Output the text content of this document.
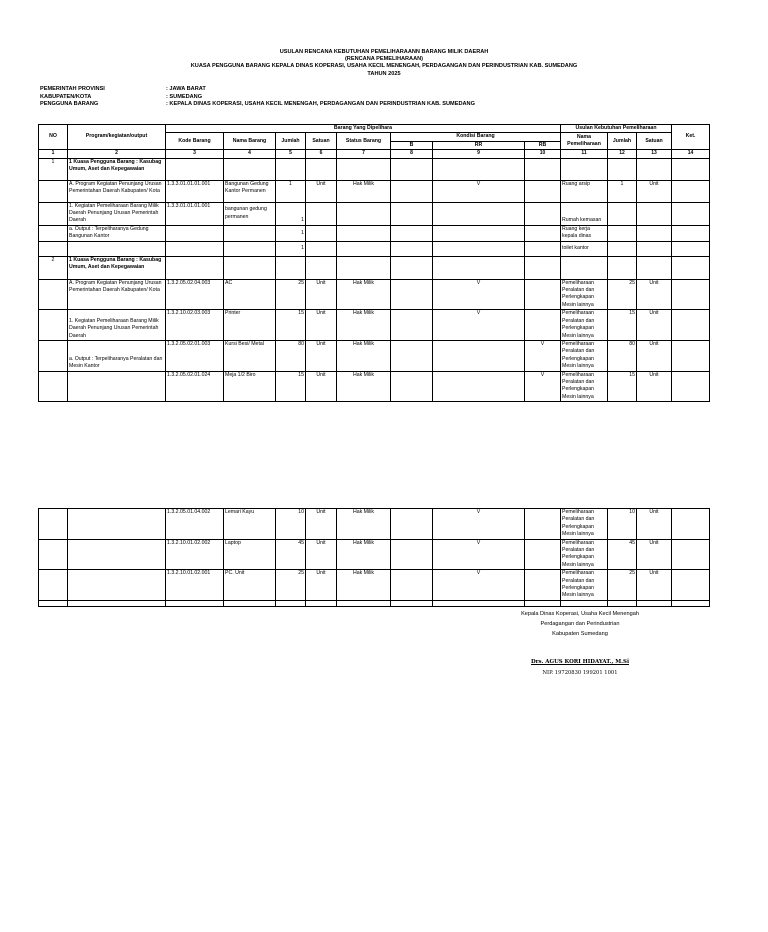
USULAN RENCANA KEBUTUHAN PEMELIHARAANN BARANG MILIK DAERAH
(RENCANA PEMELIHARAAN)
KUASA PENGGUNA BARANG KEPALA DINAS KOPERASI, USAHA KECIL MENENGAH, PERDAGANGAN DAN PERINDUSTRIAN KAB. SUMEDANG
TAHUN 2025
PEMERINTAH PROVINSI	: JAWA BARAT
KABUPATEN/KOTA	: SUMEDANG
PENGGUNA BARANG	: KEPALA DINAS KOPERASI, USAHA KECIL MENENGAH, PERDAGANGAN DAN PERINDUSTRIAN KAB. SUMEDANG
NO	Program/kegiatan/output	Barang Yang Dipelihara								Usulan Kebutuhan Pemeliharaan			Ket.
		Kode Barang	Nama Barang	Jumlah	Satuan	Status Barang	Kondisi Barang			Nama Pemeliharaan	Jumlah	Satuan	
							B	RR	RB				
1	2	3	4	5	6	7	8	9	10	11	12	13	14
1	1 Kuasa Pengguna Barang : Kasubag Umum, Aset dan Kepegawaian												
	A. Program Kegiatan Penunjang Urusan Pemerintahan Daerah Kabupaten/ Kota	1.3.3.01.01.01.001	Bangunan Gedung Kantor Permanen	1	Unit	Hak Milik		V		Ruang arsip	1	Unit	
	1. Kegiatan Pemeliharaan Barang Milik Daerah Penunjang Urusan Pemerintah Daerah	1.3.3.01.01.01.001	bangunan gedung permanen	1						Rumah kemasan			
	a. Output : Terpeliharanya Gedung Bangunan Kantor			1						Ruang kerja kepala dinas			
				1						toilet kantor			
2	1 Kuasa Pengguna Barang : Kasubag Umum, Aset dan Kepegawaian												
	A. Program Kegiatan Penunjang Urusan Pemerintahan Daerah Kabupaten/ Kota	1.3.2.05.02.04.003	AC	25	Unit	Hak Milik		V		Pemeliharaan Peralatan dan Perlengkapan Mesin lainnya	25	Unit	
	1. Kegiatan Pemeliharaan Barang Milik Daerah Penunjang Urusan Pemerintah Daerah	1.3.2.10.02.03.003	Printer	15	Unit	Hak Milik		V		Pemeliharaan Peralatan dan Perlengkapan Mesin lainnya	15	Unit	
	a. Output : Terpeliharanya Peralatan dan Mesin Kantor	1.3.2.05.02.01.003	Kursi Besi/ Metal	80	Unit	Hak Milik			V	Pemeliharaan Peralatan dan Perlengkapan Mesin lainnya	80	Unit	
		1.3.2.05.02.01.024	Meja 1/2 Biro	15	Unit	Hak Milik			V	Pemeliharaan Peralatan dan Perlengkapan Mesin lainnya	15	Unit	
		1.3.2.05.01.04.002	Lemari Kayu	10	Unit	Hak Milik		V		Pemeliharaan Peralatan dan Perlengkapan Mesin lainnya	10	Unit	
		1.3.2.10.01.02.002	Laptop	45	Unit	Hak Milik		V		Pemeliharaan Peralatan dan Perlengkapan Mesin lainnya	45	Unit	
		1.3.2.10.01.02.001	PC. Unit	25	Unit	Hak Milik		V		Pemeliharaan Peralatan dan Perlengkapan Mesin lainnya	25	Unit	

Kepala Dinas Koperasi, Usaha Kecil Menengah
Perdagangan dan Perindustrian
Kabupaten Sumedang
Drs. AGUS KORI HIDAYAT., M.Si
NIP. 19720830 199201 1001
